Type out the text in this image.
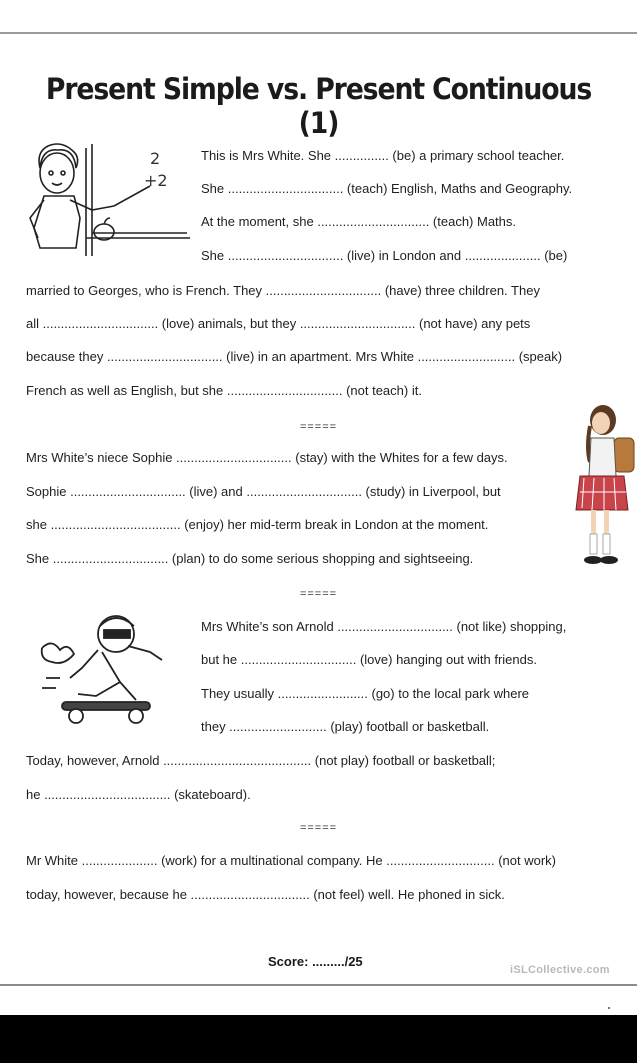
Present Simple vs. Present Continuous (1)
2
+2
This is Mrs White. She ............... (be) a primary school teacher.
She ................................ (teach) English, Maths and Geography.
At the moment, she ............................... (teach) Maths.
She ................................ (live) in London and ..................... (be)
married to Georges, who is French. They ................................ (have) three children. They
all ................................ (love) animals, but they ................................ (not have) any pets
because they ................................ (live) in an apartment. Mrs White ........................... (speak)
French as well as English, but she ................................ (not teach) it.
=====
Mrs White’s niece Sophie ................................ (stay) with the Whites for a few days.
Sophie ................................ (live) and ................................ (study) in Liverpool, but
she .................................... (enjoy) her mid-term break in London at the moment.
She ................................ (plan) to do some serious shopping and sightseeing.
=====
Mrs White’s son Arnold ................................ (not like) shopping,
but he ................................ (love) hanging out with friends.
They usually ......................... (go) to the local park where
they ........................... (play) football or basketball.
Today, however, Arnold ......................................... (not play) football or basketball;
he ................................... (skateboard).
=====
Mr White ..................... (work) for a multinational company. He .............................. (not work)
today, however, because he ................................. (not feel) well. He phoned in sick.
Score: ........./25
iSLCollective.com
